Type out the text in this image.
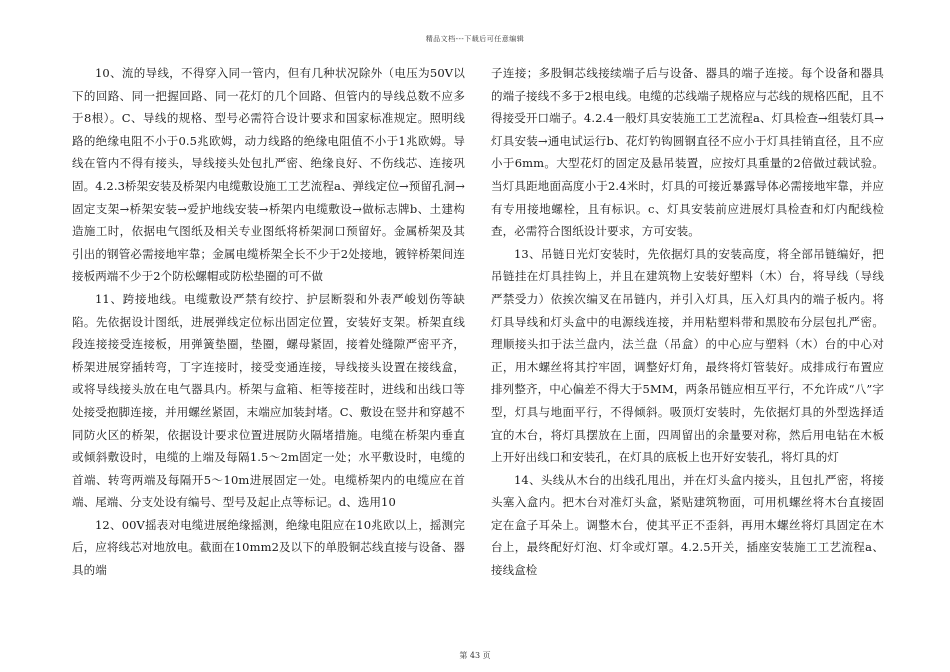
精品文档---下载后可任意编辑

10、流的导线，不得穿入同一管内，但有几种状况除外（电压为50V以下的回路、同一把握回路、同一花灯的几个回路、但管内的导线总数不应多于8根）。C、导线的规格、型号必需符合设计要求和国家标准规定。照明线路的绝缘电阻不小于0.5兆欧姆，动力线路的绝缘电阻值不小于1兆欧姆。导线在管内不得有接头，导线接头处包扎严密、绝缘良好、不伤线芯、连接巩固。4.2.3桥架安装及桥架内电缆敷设施工工艺流程a、弹线定位→预留孔洞→固定支架→桥架安装→爱护地线安装→桥架内电缆敷设→做标志牌b、土建构造施工时，依据电气图纸及相关专业图纸将桥架洞口预留好。金属桥架及其引出的钢管必需接地牢靠；金属电缆桥架全长不少于2处接地，镀锌桥架间连接板两端不少于2个防松螺帽或防松垫圈的可不做

11、跨接地线。电缆敷设严禁有绞拧、护层断裂和外表严峻划伤等缺陷。先依据设计图纸，进展弹线定位标出固定位置，安装好支架。桥架直线段连接接受连接板，用弹簧垫圈，垫圈，螺母紧固，接着处缝隙严密平齐，桥架进展穿插转弯，丁字连接时，接受变通连接，导线接头设置在接线盒，或将导线接头放在电气器具内。桥架与盒箱、柜等接茬时，进线和出线口等处接受抱脚连接，并用螺丝紧固，末端应加装封堵。C、敷设在竖井和穿越不同防火区的桥架，依据设计要求位置进展防火隔堵措施。电缆在桥架内垂直或倾斜敷设时，电缆的上端及每隔1.5～2m固定一处；水平敷设时，电缆的首端、转弯两端及每隔开5～10m进展固定一处。电缆桥架内的电缆应在首端、尾端、分支处设有编号、型号及起止点等标记。d、选用10

12、00V摇表对电缆进展绝缘摇测，绝缘电阻应在10兆欧以上，摇测完后，应将线芯对地放电。截面在10mm2及以下的单股铜芯线直接与设备、器具的端

子连接；多股铜芯线接续端子后与设备、器具的端子连接。每个设备和器具的端子接线不多于2根电线。电缆的芯线端子规格应与芯线的规格匹配，且不得接受开口端子。4.2.4一般灯具安装施工工艺流程a、灯具检查→组装灯具→灯具安装→通电试运行b、花灯钓钩圆钢直径不应小于灯具挂销直径，且不应小于6mm。大型花灯的固定及悬吊装置，应按灯具重量的2倍做过载试验。当灯具距地面高度小于2.4米时，灯具的可接近暴露导体必需接地牢靠，并应有专用接地螺栓，且有标识。c、灯具安装前应进展灯具检查和灯内配线检查，必需符合图纸设计要求，方可安装。

13、吊链日光灯安装时，先依据灯具的安装高度，将全部吊链编好，把吊链挂在灯具挂钩上，并且在建筑物上安装好塑料（木）台，将导线（导线严禁受力）依挨次编叉在吊链内，并引入灯具，压入灯具内的端子板内。将灯具导线和灯头盒中的电源线连接，并用粘塑料带和黑胶布分层包扎严密。理顺接头扣于法兰盘内，法兰盘（吊盒）的中心应与塑料（木）台的中心对正，用木螺丝将其拧牢固，调整好灯角，最终将灯管装好。成排成行布置应排列整齐，中心偏差不得大于5MM，两条吊链应相互平行，不允许成“八”字型，灯具与地面平行，不得倾斜。吸顶灯安装时，先依据灯具的外型选择适宜的木台，将灯具摆放在上面，四周留出的余量要对称，然后用电钻在木板上开好出线口和安装孔，在灯具的底板上也开好安装孔，将灯具的灯

14、头线从木台的出线孔甩出，并在灯头盒内接头，且包扎严密，将接头塞入盒内。把木台对准灯头盒，紧贴建筑物面，可用机螺丝将木台直接固定在盒子耳朵上。调整木台，使其平正不歪斜，再用木螺丝将灯具固定在木台上，最终配好灯泡、灯伞或灯罩。4.2.5开关，插座安装施工工艺流程a、接线盒检

第 43 页
